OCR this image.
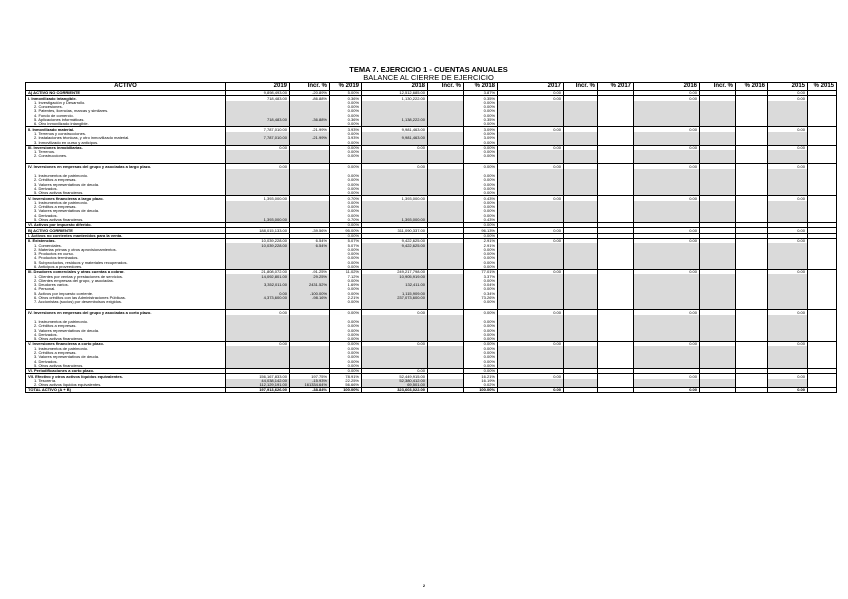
TEMA 7. EJERCICIO 1 - CUENTAS ANUALES
BALANCE AL CIERRE DE EJERCICIO
ACTIVO	2019	Incr. %	% 2019	2018	Incr. %	% 2018	2017	Incr. %	% 2017	2016	Incr. %	% 2016	2015	% 2015
A) ACTIVO NO CORRIENTE	9,898,493.00	-20.89%	5.00%	12,512,685.00		3.87%	0.00			0.00			0.00	
I. Inmovilizado intangible.	718,483.00	-86.88%	0.36%	1,130,222.00		0.35%	0.00			0.00			0.00	
1. Investigación y Desarrollo.			0.00%			0.00%								
2. Concesiones.			0.00%			0.00%								
3. Patentes, licencias, marcas y similares.			0.00%			0.00%								
4. Fondo de comercio.			0.00%			0.00%								
5. Aplicaciones informáticas.	718,483.00	-36.88%	0.36%	1,138,222.00		0.35%								
6. Otro inmovilizado intangible.			0.00%			0.00%								
II. Inmovilizado material.	7,787,010.00	-21.99%	3.93%	9,981,463.00		3.09%	0.00			0.00			0.00	
1. Terrenos y construcciones.			0.00%			0.00%								
2. Instalaciones técnicas, y otro inmovilizado material.	7,787,010.00	-21.99%	3.93%	9,981,463.00		3.09%								
3. Inmovilizado en curso y anticipos.			0.00%			0.00%								
III. Inversiones inmobiliarias.	0.00		0.00%	0.00		0.00%	0.00			0.00			0.00	
1. Terrenos.			0.00%			0.00%								
2. Construcciones.			0.00%			0.00%								

IV. Inversiones en empresas del grupo y asociadas a largo plazo.	0.00		0.00%	0.00		0.00%	0.00			0.00			0.00	

1. Instrumentos de patrimonio.			0.00%			0.00%								
2. Créditos a empresas.			0.00%			0.00%								
3. Valores representativos de deuda.			0.00%			0.00%								
4. Derivados.			0.00%			0.00%								
5. Otros activos financieros.			0.00%			0.00%								
V. Inversiones financieras a largo plazo.	1,393,000.00		0.70%	1,393,000.00		0.43%	0.00			0.00			0.00	
1. Instrumentos de patrimonio.			0.00%			0.00%								
2. Créditos a empresas.			0.00%			0.00%								
3. Valores representativos de deuda.			0.00%			0.00%								
4. Derivados.			0.00%			0.00%								
5. Otros activos financieros.	1,393,000.00		0.70%	1,393,000.00		0.43%								
VI. Activos por impuesto diferido.			0.00%			0.00%								
B) ACTIVO CORRIENTE	188,015,133.00	-39.56%	95.00%	311,090,337.00		96.13%	0.00			0.00			0.00	
I. Activos no corrientes mantenidos para la venta.			0.00%			0.00%								
II. Existencias.	10,039,228.00	6.54%	5.07%	9,422,625.00		2.91%	0.00			0.00			0.00	
1. Comerciales.	10,039,228.00	6.54%	5.07%	9,422,625.00		2.91%								
2. Materias primas y otros aprovisionamientos.			0.00%			0.00%								
3. Productos en curso.			0.00%			0.00%								
4. Productos terminados.			0.00%			0.00%								
5. Subproductos, residuos y materiales recuperados.			0.00%			0.00%								
6. Anticipos a proveedores.			0.00%			0.00%								
III. Deudores comerciales y otras cuentas a cobrar.	21,808,072.00	-91.25%	11.02%	249,217,798.00		77.01%	0.00			0.00			0.00	
1. Clientes por ventas y prestaciones de servicios.	14,092,801.00	29.25%	7.12%	10,905,919.00		3.37%								
2. Clientes empresas del grupo, y asociadas.			0.00%			0.00%								
3. Deudores varios.	3,352,011.00	2431.52%	1.69%	132,411.00		0.04%								
4. Personal.			0.00%			0.00%								
5. Activos por impuesto corriente.	0.00	-100.00%	0.00%	1,115,909.00		0.34%								
6. Otros créditos con las Administraciones Públicas.	4,373,600.00	-98.16%	2.21%	237,073,600.00		73.26%								
7. Accionistas (socios) por desembolsos exigidos.			0.00%			0.00%								

IV. Inversiones en empresas del grupo y asociadas a corto plazo.	0.00		0.00%	0.00		0.00%	0.00			0.00			0.00	

1. Instrumentos de patrimonio.			0.00%			0.00%								
2. Créditos a empresas.			0.00%			0.00%								
3. Valores representativos de deuda.			0.00%			0.00%								
4. Derivados.			0.00%			0.00%								
5. Otros activos financieros.			0.00%			0.00%								
V. Inversiones financieras a corto plazo.	0.00		0.00%	0.00		0.00%	0.00			0.00			0.00	
1. Instrumentos de patrimonio.			0.00%			0.00%								
2. Créditos a empresas.			0.00%			0.00%								
3. Valores representativos de deuda.			0.00%			0.00%								
4. Derivados.			0.00%			0.00%								
5. Otros activos financieros.			0.00%			0.00%								
VI. Periodificaciones a corto plazo.			0.00%	0.00		0.00%								
VII. Efectivo y otros activos líquidos equivalentes.	156,167,833.00	197.75%	78.91%	52,449,915.00		16.21%	0.00			0.00			0.00	
1. Tesorería.	44,038,142.00	-15.93%	22.25%	52,380,412.00		16.19%								
2. Otros activos líquidos equivalentes.	112,129,191.00	161334.64%	56.66%	69,501.00		0.02%								
TOTAL ACTIVO (A + B)	197,913,626.00	-38.84%	100.00%	323,603,022.00		100.00%	0.00			0.00			0.00	
2
